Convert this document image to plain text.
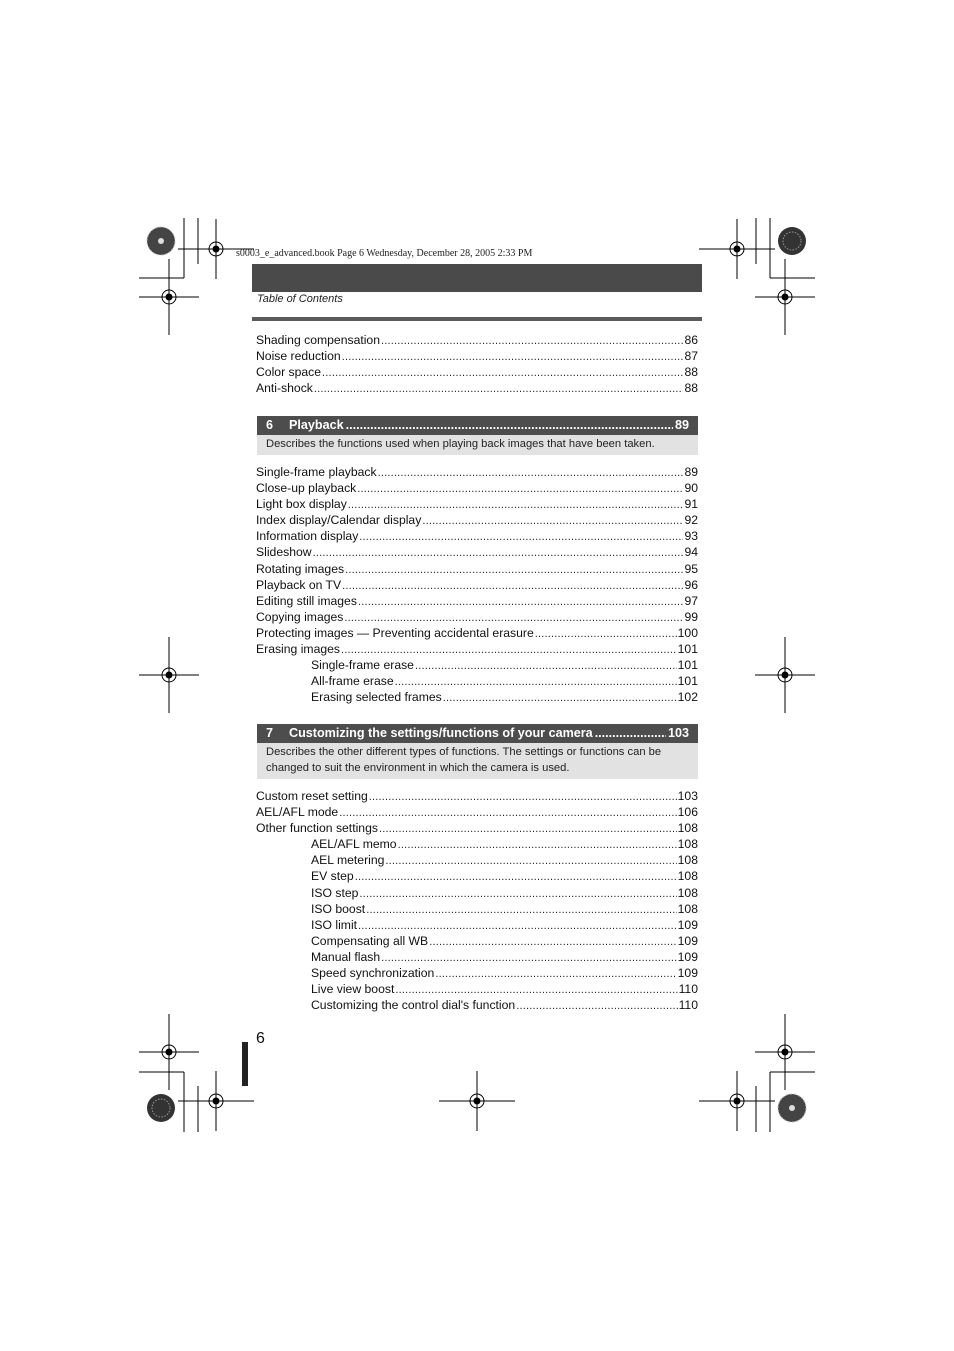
s0003_e_advanced.book Page 6 Wednesday, December 28, 2005 2:33 PM
Table of Contents
Shading compensation .....	86
Noise reduction .....	87
Color space .....	88
Anti-shock .....	88
6	Playback .....	89
Describes the functions used when playing back images that have been taken.
Single-frame playback .....	89
Close-up playback .....	90
Light box display .....	91
Index display/Calendar display .....	92
Information display .....	93
Slideshow .....	94
Rotating images .....	95
Playback on TV .....	96
Editing still images .....	97
Copying images .....	99
Protecting images — Preventing accidental erasure .....	100
Erasing images .....	101
Single-frame erase .....	101
All-frame erase .....	101
Erasing selected frames .....	102
7	Customizing the settings/functions of your camera .....	103
Describes the other different types of functions. The settings or functions can be changed to suit the environment in which the camera is used.
Custom reset setting .....	103
AEL/AFL mode .....	106
Other function settings .....	108
AEL/AFL memo .....	108
AEL metering .....	108
EV step .....	108
ISO step .....	108
ISO boost .....	108
ISO limit .....	109
Compensating all WB .....	109
Manual flash .....	109
Speed synchronization .....	109
Live view boost .....	110
Customizing the control dial's function .....	110
6
